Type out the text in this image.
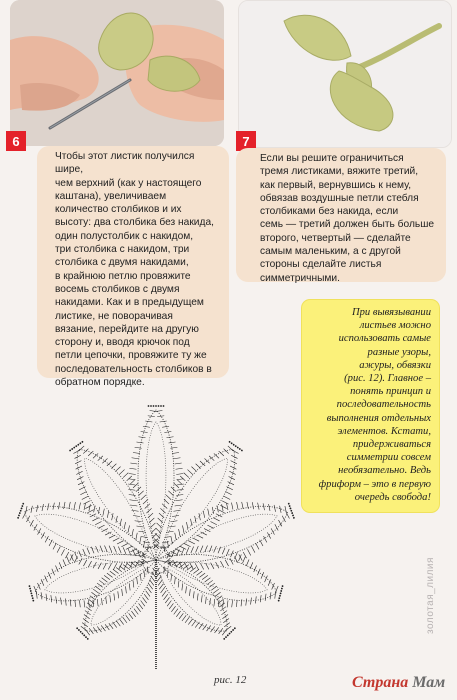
6	7

Чтобы этот листик получился шире,
чем верхний (как у настоящего
каштана), увеличиваем
количество столбиков и их
высоту: два столбика без накида,
один полустолбик с накидом,
три столбика с накидом, три
столбика с двумя накидами,
в крайнюю петлю провяжите
восемь столбиков с двумя
накидами. Как и в предыдущем
листике, не поворачивая
вязание, перейдите на другую
сторону и, вводя крючок под
петли цепочки, провяжите ту же
последовательность столбиков в
обратном порядке.

Если вы решите ограничиться
тремя листиками, вяжите третий,
как первый, вернувшись к нему,
обвязав воздушные петли стебля
столбиками без накида, если
семь — третий должен быть больше
второго, четвертый — сделайте
самым маленьким, а с другой
стороны сделайте листья
симметричными.

При вывязывании
листьев можно
использовать самые
разные узоры,
ажуры, обвязки
(рис. 12). Главное –
понять принцип и
последовательность
выполнения отдельных
элементов. Кстати,
придерживаться
симметрии совсем
необязательно. Ведь
фриформ – это в первую
очередь свобода!

рис. 12
золотая_лилия
Страна Мам
